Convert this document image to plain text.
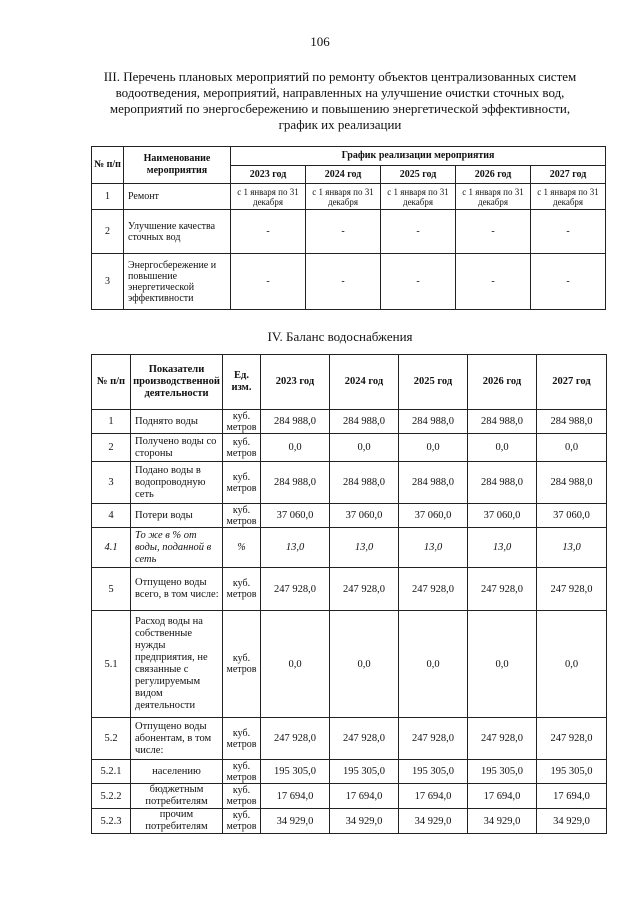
106
III. Перечень плановых мероприятий по ремонту объектов централизованных систем водоотведения, мероприятий, направленных на улучшение очистки сточных вод, мероприятий по энергосбережению и повышению энергетической эффективности, график их реализации
№ п/п	Наименование мероприятия	График реализации мероприятия				
		2023 год	2024 год	2025 год	2026 год	2027 год
1	Ремонт	с 1 января по 31 декабря	с 1 января по 31 декабря	с 1 января по 31 декабря	с 1 января по 31 декабря	с 1 января по 31 декабря
2	Улучшение качества сточных вод	-	-	-	-	-
3	Энергосбережение и повышение энергетической эффективности	-	-	-	-	-
IV. Баланс водоснабжения
№ п/п	Показатели производственной деятельности	Ед. изм.	2023 год	2024 год	2025 год	2026 год	2027 год
1	Поднято воды	куб. метров	284 988,0	284 988,0	284 988,0	284 988,0	284 988,0
2	Получено воды со стороны	куб. метров	0,0	0,0	0,0	0,0	0,0
3	Подано воды в водопроводную сеть	куб. метров	284 988,0	284 988,0	284 988,0	284 988,0	284 988,0
4	Потери воды	куб. метров	37 060,0	37 060,0	37 060,0	37 060,0	37 060,0
4.1	То же в % от воды, поданной в сеть	%	13,0	13,0	13,0	13,0	13,0
5	Отпущено воды всего, в том числе:	куб. метров	247 928,0	247 928,0	247 928,0	247 928,0	247 928,0
5.1	Расход воды на собственные нужды предприятия, не связанные с регулируемым видом деятельности	куб. метров	0,0	0,0	0,0	0,0	0,0
5.2	Отпущено воды абонентам, в том числе:	куб. метров	247 928,0	247 928,0	247 928,0	247 928,0	247 928,0
5.2.1	населению	куб. метров	195 305,0	195 305,0	195 305,0	195 305,0	195 305,0
5.2.2	бюджетным потребителям	куб. метров	17 694,0	17 694,0	17 694,0	17 694,0	17 694,0
5.2.3	прочим потребителям	куб. метров	34 929,0	34 929,0	34 929,0	34 929,0	34 929,0
